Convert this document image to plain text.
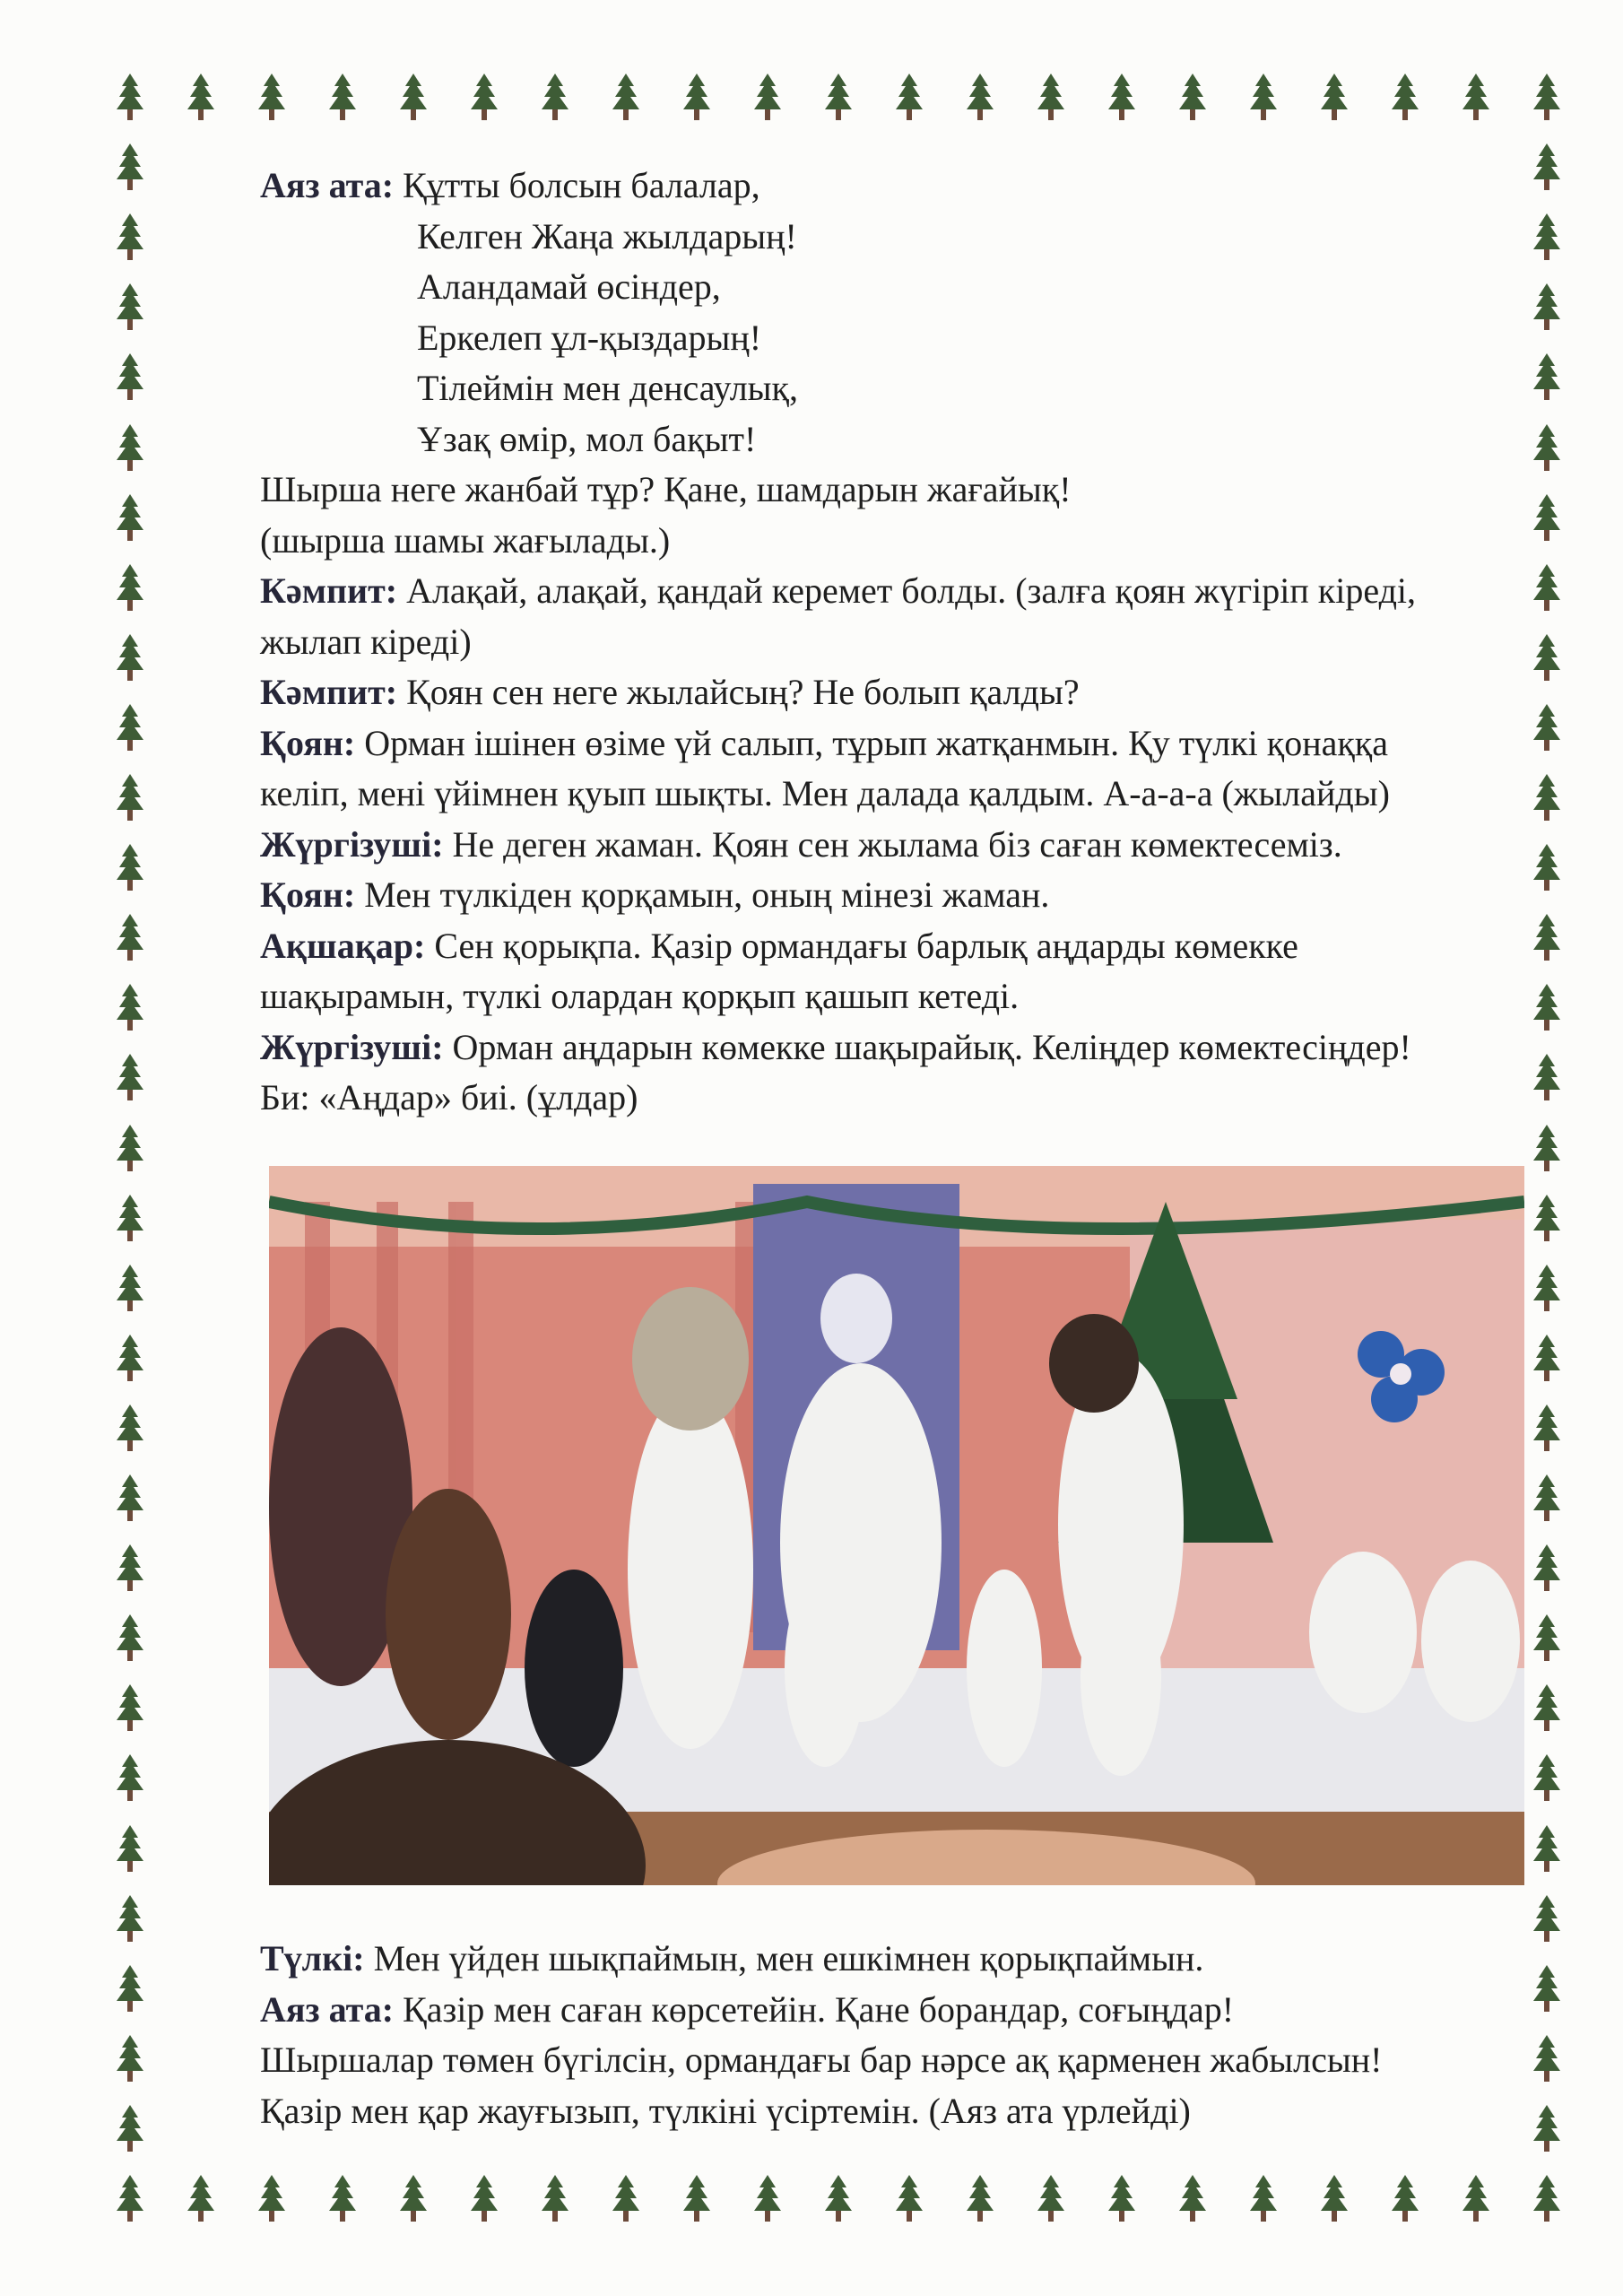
Аяз ата: Құтты болсын балалар,
Келген Жаңа жылдарың!
Аландамай өсіндер,
Еркелеп ұл-қыздарың!
Тілеймін мен денсаулық,
Ұзақ өмір, мол бақыт!
Шырша неге жанбай тұр? Қане, шамдарын жағайық!
(шырша шамы жағылады.)
Кәмпит: Алақай, алақай, қандай керемет болды. (залға қоян жүгіріп кіреді,
жылап кіреді)
Кәмпит: Қоян сен неге жылайсың? Не болып қалды?
Қоян: Орман ішінен өзіме үй салып, тұрып жатқанмын. Қу түлкі қонаққа
келіп, мені үйімнен қуып шықты. Мен далада қалдым. А-а-а-а (жылайды)
Жүргізуші: Не деген жаман. Қоян сен жылама біз саған көмектесеміз.
Қоян: Мен түлкіден қорқамын, оның мінезі жаман.
Ақшақар: Сен қорықпа. Қазір ормандағы барлық аңдарды көмекке
шақырамын, түлкі олардан қорқып қашып кетеді.
Жүргізуші: Орман аңдарын көмекке шақырайық. Келіңдер көмектесіңдер!
Би: «Аңдар» биі. (ұлдар)
Түлкі: Мен үйден шықпаймын, мен ешкімнен қорықпаймын.
Аяз ата: Қазір мен саған көрсетейін. Қане борандар, соғыңдар!
Шыршалар төмен бүгілсін, ормандағы бар нәрсе ақ қарменен жабылсын!
Қазір мен қар жауғызып, түлкіні үсіртемін. (Аяз ата үрлейді)
